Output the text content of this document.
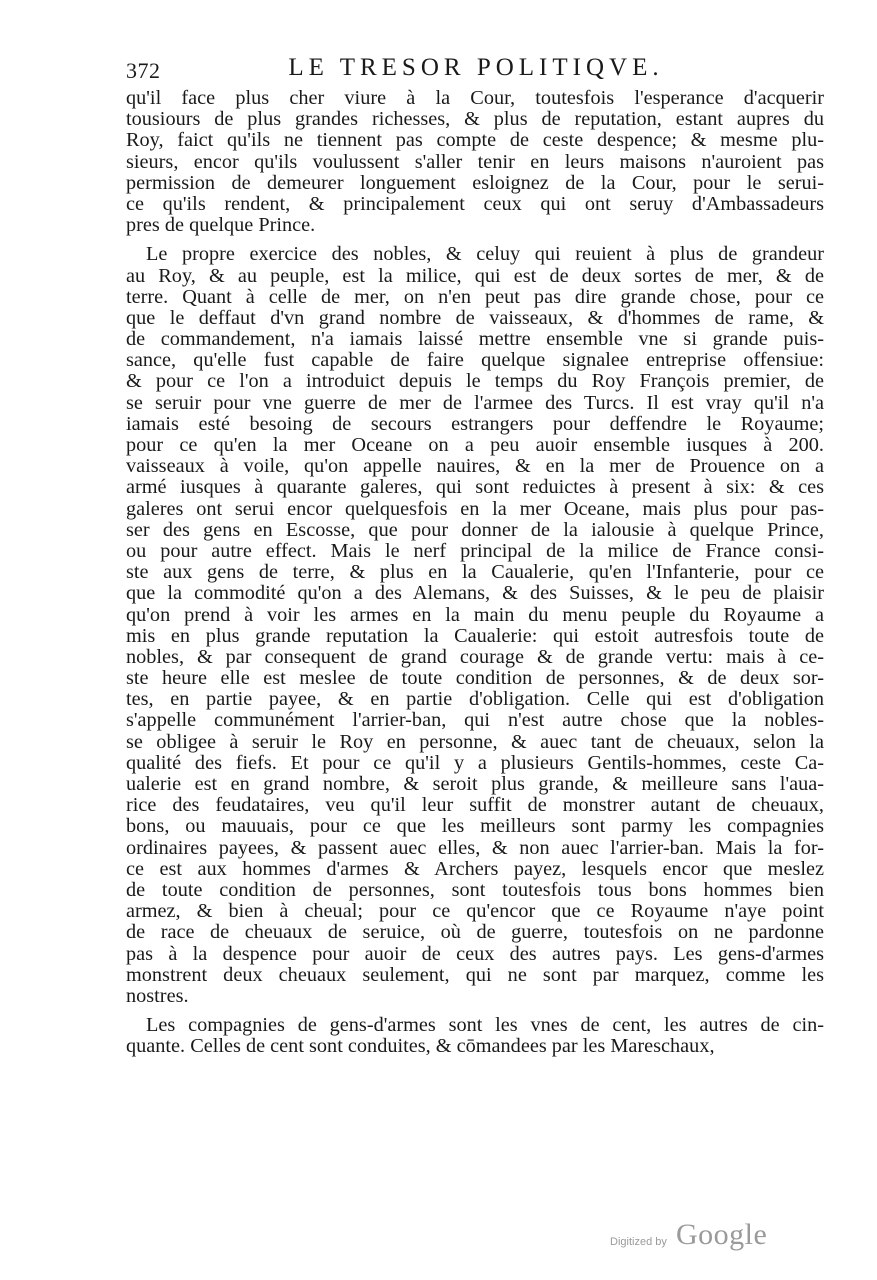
372	LE TRESOR POLITIQVE.
qu'il face plus cher viure à la Cour, toutesfois l'esperance d'acquerir
tousiours de plus grandes richesses, & plus de reputation, estant aupres du
Roy, faict qu'ils ne tiennent pas compte de ceste despence; & mesme plu-
sieurs, encor qu'ils voulussent s'aller tenir en leurs maisons n'auroient pas
permission de demeurer longuement esloignez de la Cour, pour le serui-
ce qu'ils rendent, & principalement ceux qui ont seruy d'Ambassadeurs
pres de quelque Prince.
Le propre exercice des nobles, & celuy qui reuient à plus de grandeur
au Roy, & au peuple, est la milice, qui est de deux sortes de mer, & de
terre. Quant à celle de mer, on n'en peut pas dire grande chose, pour ce
que le deffaut d'vn grand nombre de vaisseaux, & d'hommes de rame, &
de commandement, n'a iamais laissé mettre ensemble vne si grande puis-
sance, qu'elle fust capable de faire quelque signalee entreprise offensiue:
& pour ce l'on a introduict depuis le temps du Roy François premier, de
se seruir pour vne guerre de mer de l'armee des Turcs. Il est vray qu'il n'a
iamais esté besoing de secours estrangers pour deffendre le Royaume;
pour ce qu'en la mer Oceane on a peu auoir ensemble iusques à 200.
vaisseaux à voile, qu'on appelle nauires, & en la mer de Prouence on a
armé iusques à quarante galeres, qui sont reduictes à present à six: & ces
galeres ont serui encor quelquesfois en la mer Oceane, mais plus pour pas-
ser des gens en Escosse, que pour donner de la ialousie à quelque Prince,
ou pour autre effect. Mais le nerf principal de la milice de France consi-
ste aux gens de terre, & plus en la Caualerie, qu'en l'Infanterie, pour ce
que la commodité qu'on a des Alemans, & des Suisses, & le peu de plaisir
qu'on prend à voir les armes en la main du menu peuple du Royaume a
mis en plus grande reputation la Caualerie: qui estoit autresfois toute de
nobles, & par consequent de grand courage & de grande vertu: mais à ce-
ste heure elle est meslee de toute condition de personnes, & de deux sor-
tes, en partie payee, & en partie d'obligation. Celle qui est d'obligation
s'appelle communément l'arrier-ban, qui n'est autre chose que la nobles-
se obligee à seruir le Roy en personne, & auec tant de cheuaux, selon la
qualité des fiefs. Et pour ce qu'il y a plusieurs Gentils-hommes, ceste Ca-
ualerie est en grand nombre, & seroit plus grande, & meilleure sans l'aua-
rice des feudataires, veu qu'il leur suffit de monstrer autant de cheuaux,
bons, ou mauuais, pour ce que les meilleurs sont parmy les compagnies
ordinaires payees, & passent auec elles, & non auec l'arrier-ban. Mais la for-
ce est aux hommes d'armes & Archers payez, lesquels encor que meslez
de toute condition de personnes, sont toutesfois tous bons hommes bien
armez, & bien à cheual; pour ce qu'encor que ce Royaume n'aye point
de race de cheuaux de seruice, où de guerre, toutesfois on ne pardonne
pas à la despence pour auoir de ceux des autres pays. Les gens-d'armes
monstrent deux cheuaux seulement, qui ne sont par marquez, comme les
nostres.
Les compagnies de gens-d'armes sont les vnes de cent, les autres de cin-
quante. Celles de cent sont conduites, & cōmandees par les Mareschaux,
Digitized by Google
